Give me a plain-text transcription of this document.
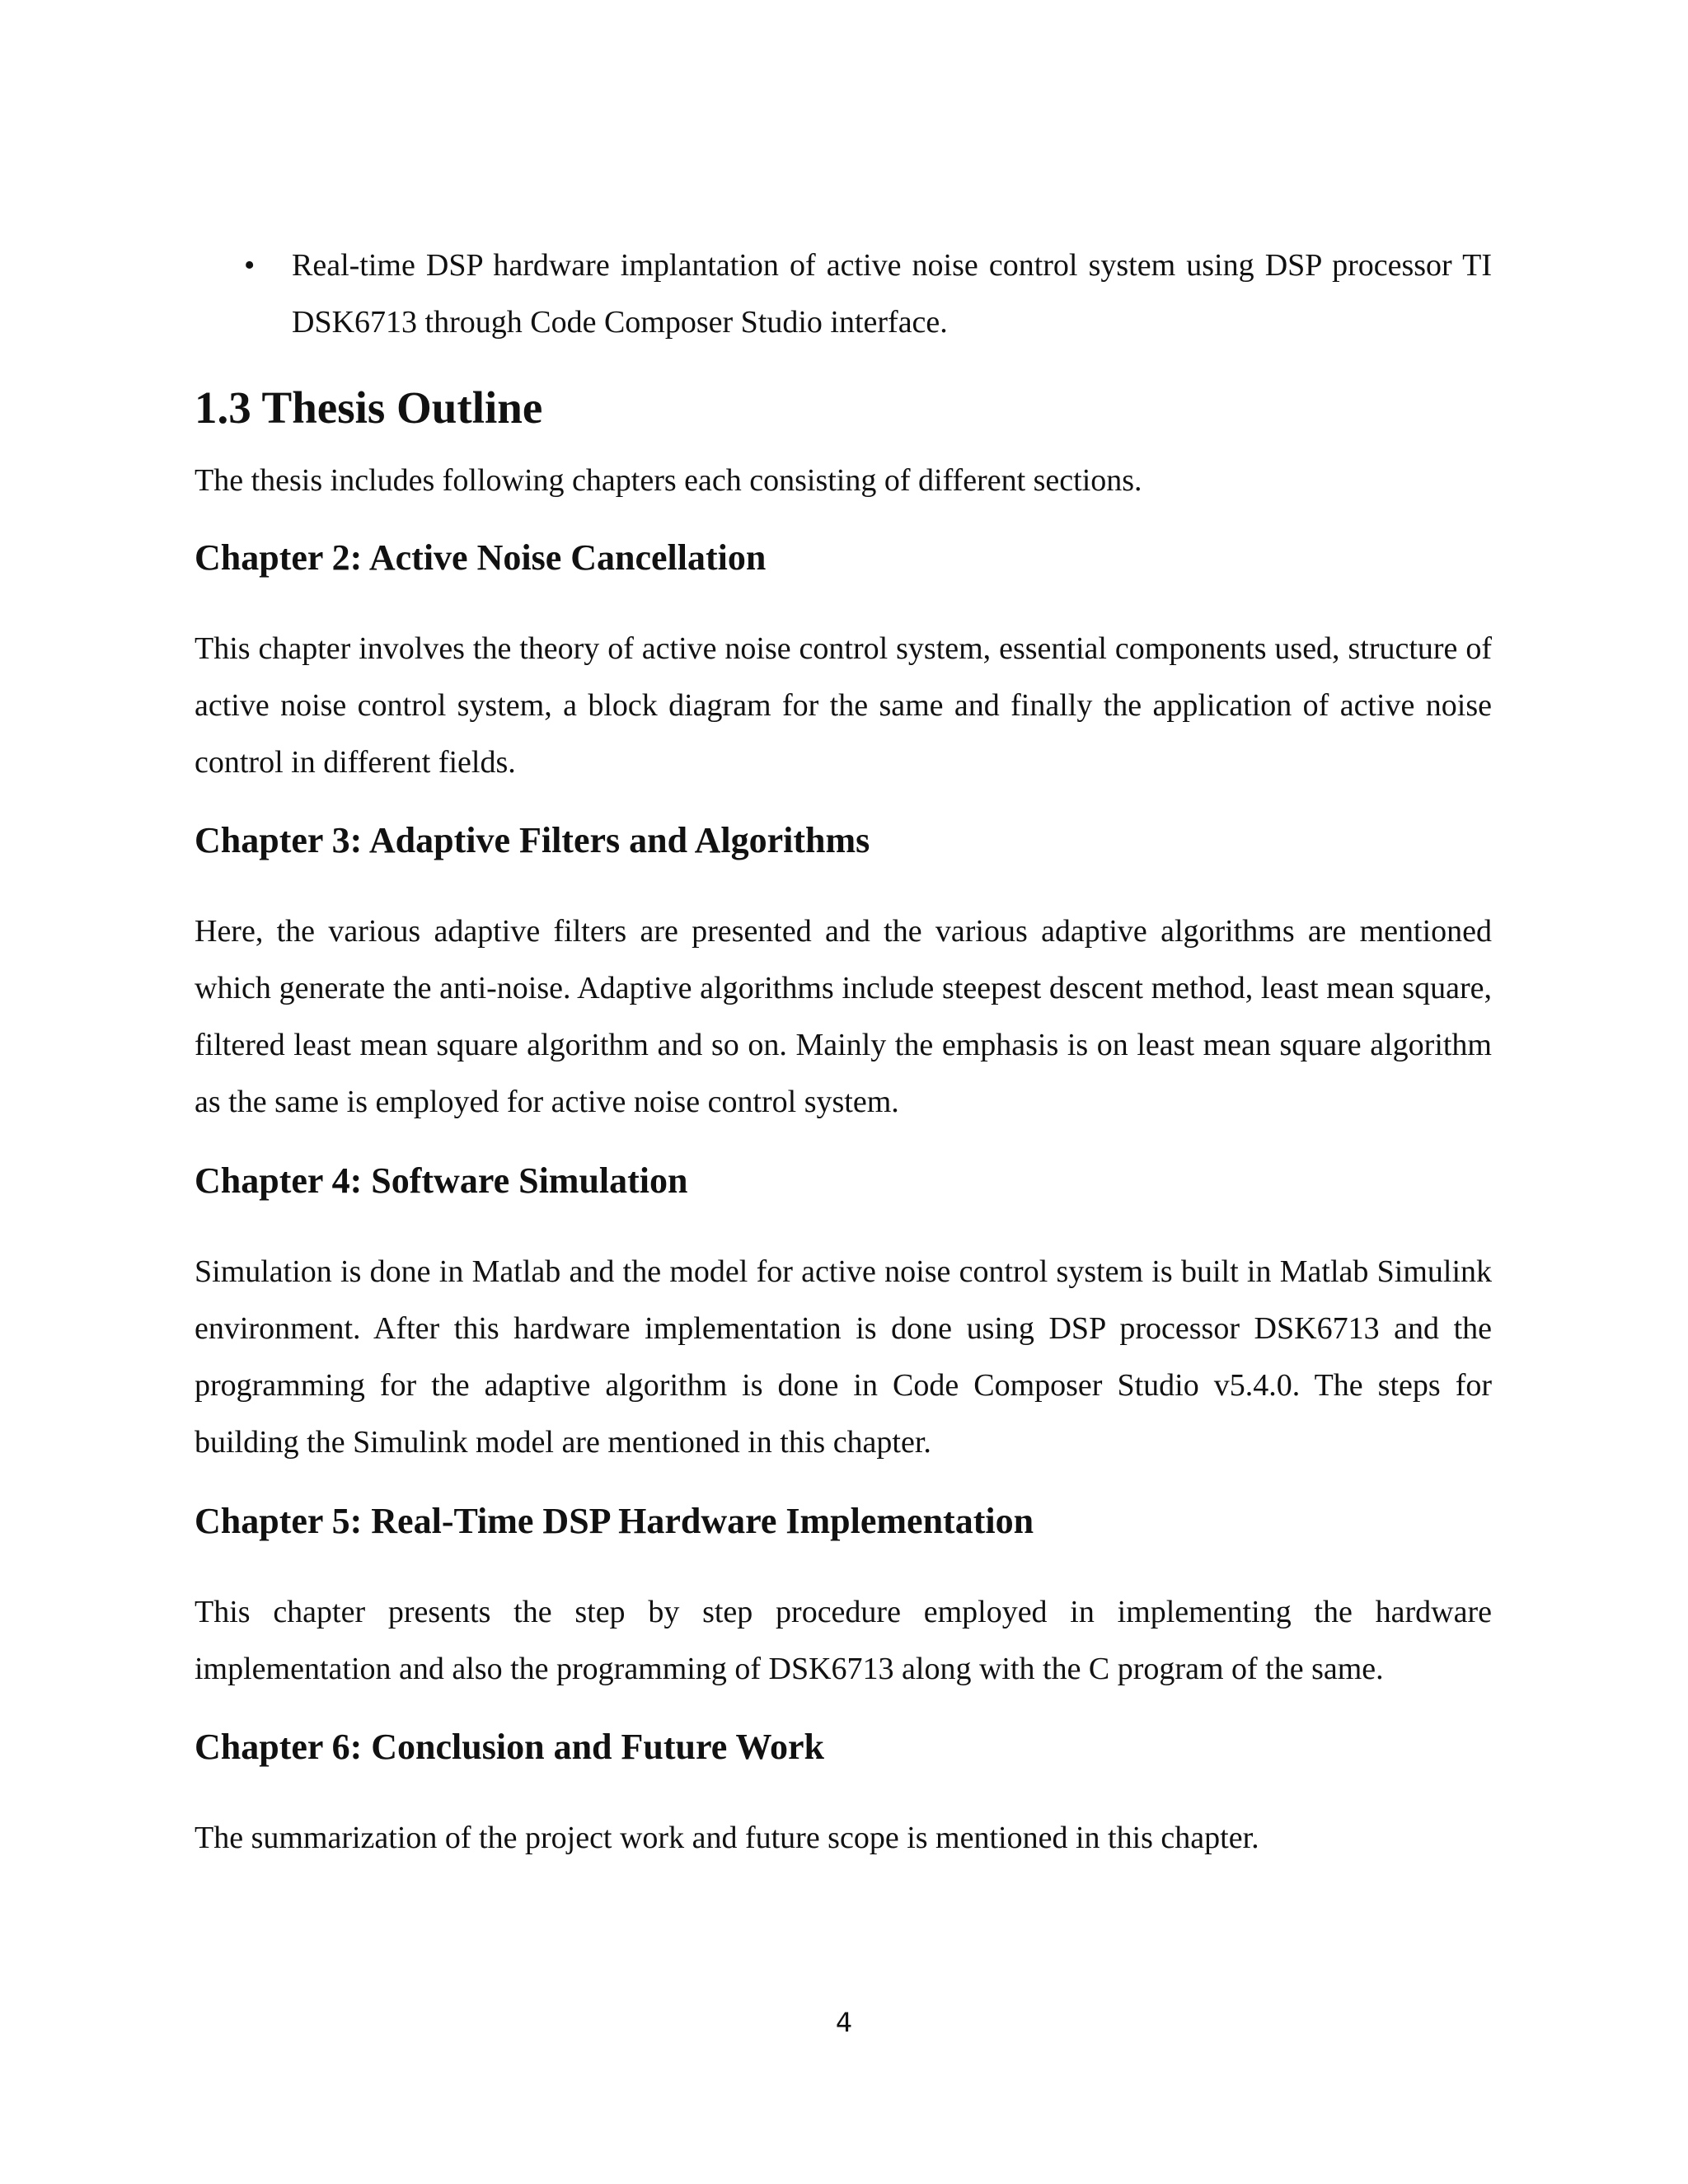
• Real-time DSP hardware implantation of active noise control system using DSP processor TI DSK6713 through Code Composer Studio interface.
1.3 Thesis Outline

The thesis includes following chapters each consisting of different sections.

Chapter 2: Active Noise Cancellation

This chapter involves the theory of active noise control system, essential components used, structure of active noise control system, a block diagram for the same and finally the application of active noise control in different fields.

Chapter 3: Adaptive Filters and Algorithms

Here, the various adaptive filters are presented and the various adaptive algorithms are mentioned which generate the anti-noise. Adaptive algorithms include steepest descent method, least mean square, filtered least mean square algorithm and so on. Mainly the emphasis is on least mean square algorithm as the same is employed for active noise control system.

Chapter 4: Software Simulation

Simulation is done in Matlab and the model for active noise control system is built in Matlab Simulink environment. After this hardware implementation is done using DSP processor DSK6713 and the programming for the adaptive algorithm is done in Code Composer Studio v5.4.0. The steps for building the Simulink model are mentioned in this chapter.

Chapter 5: Real-Time DSP Hardware Implementation

This chapter presents the step by step procedure employed in implementing the hardware implementation and also the programming of DSK6713 along with the C program of the same.

Chapter 6: Conclusion and Future Work

The summarization of the project work and future scope is mentioned in this chapter.

4
